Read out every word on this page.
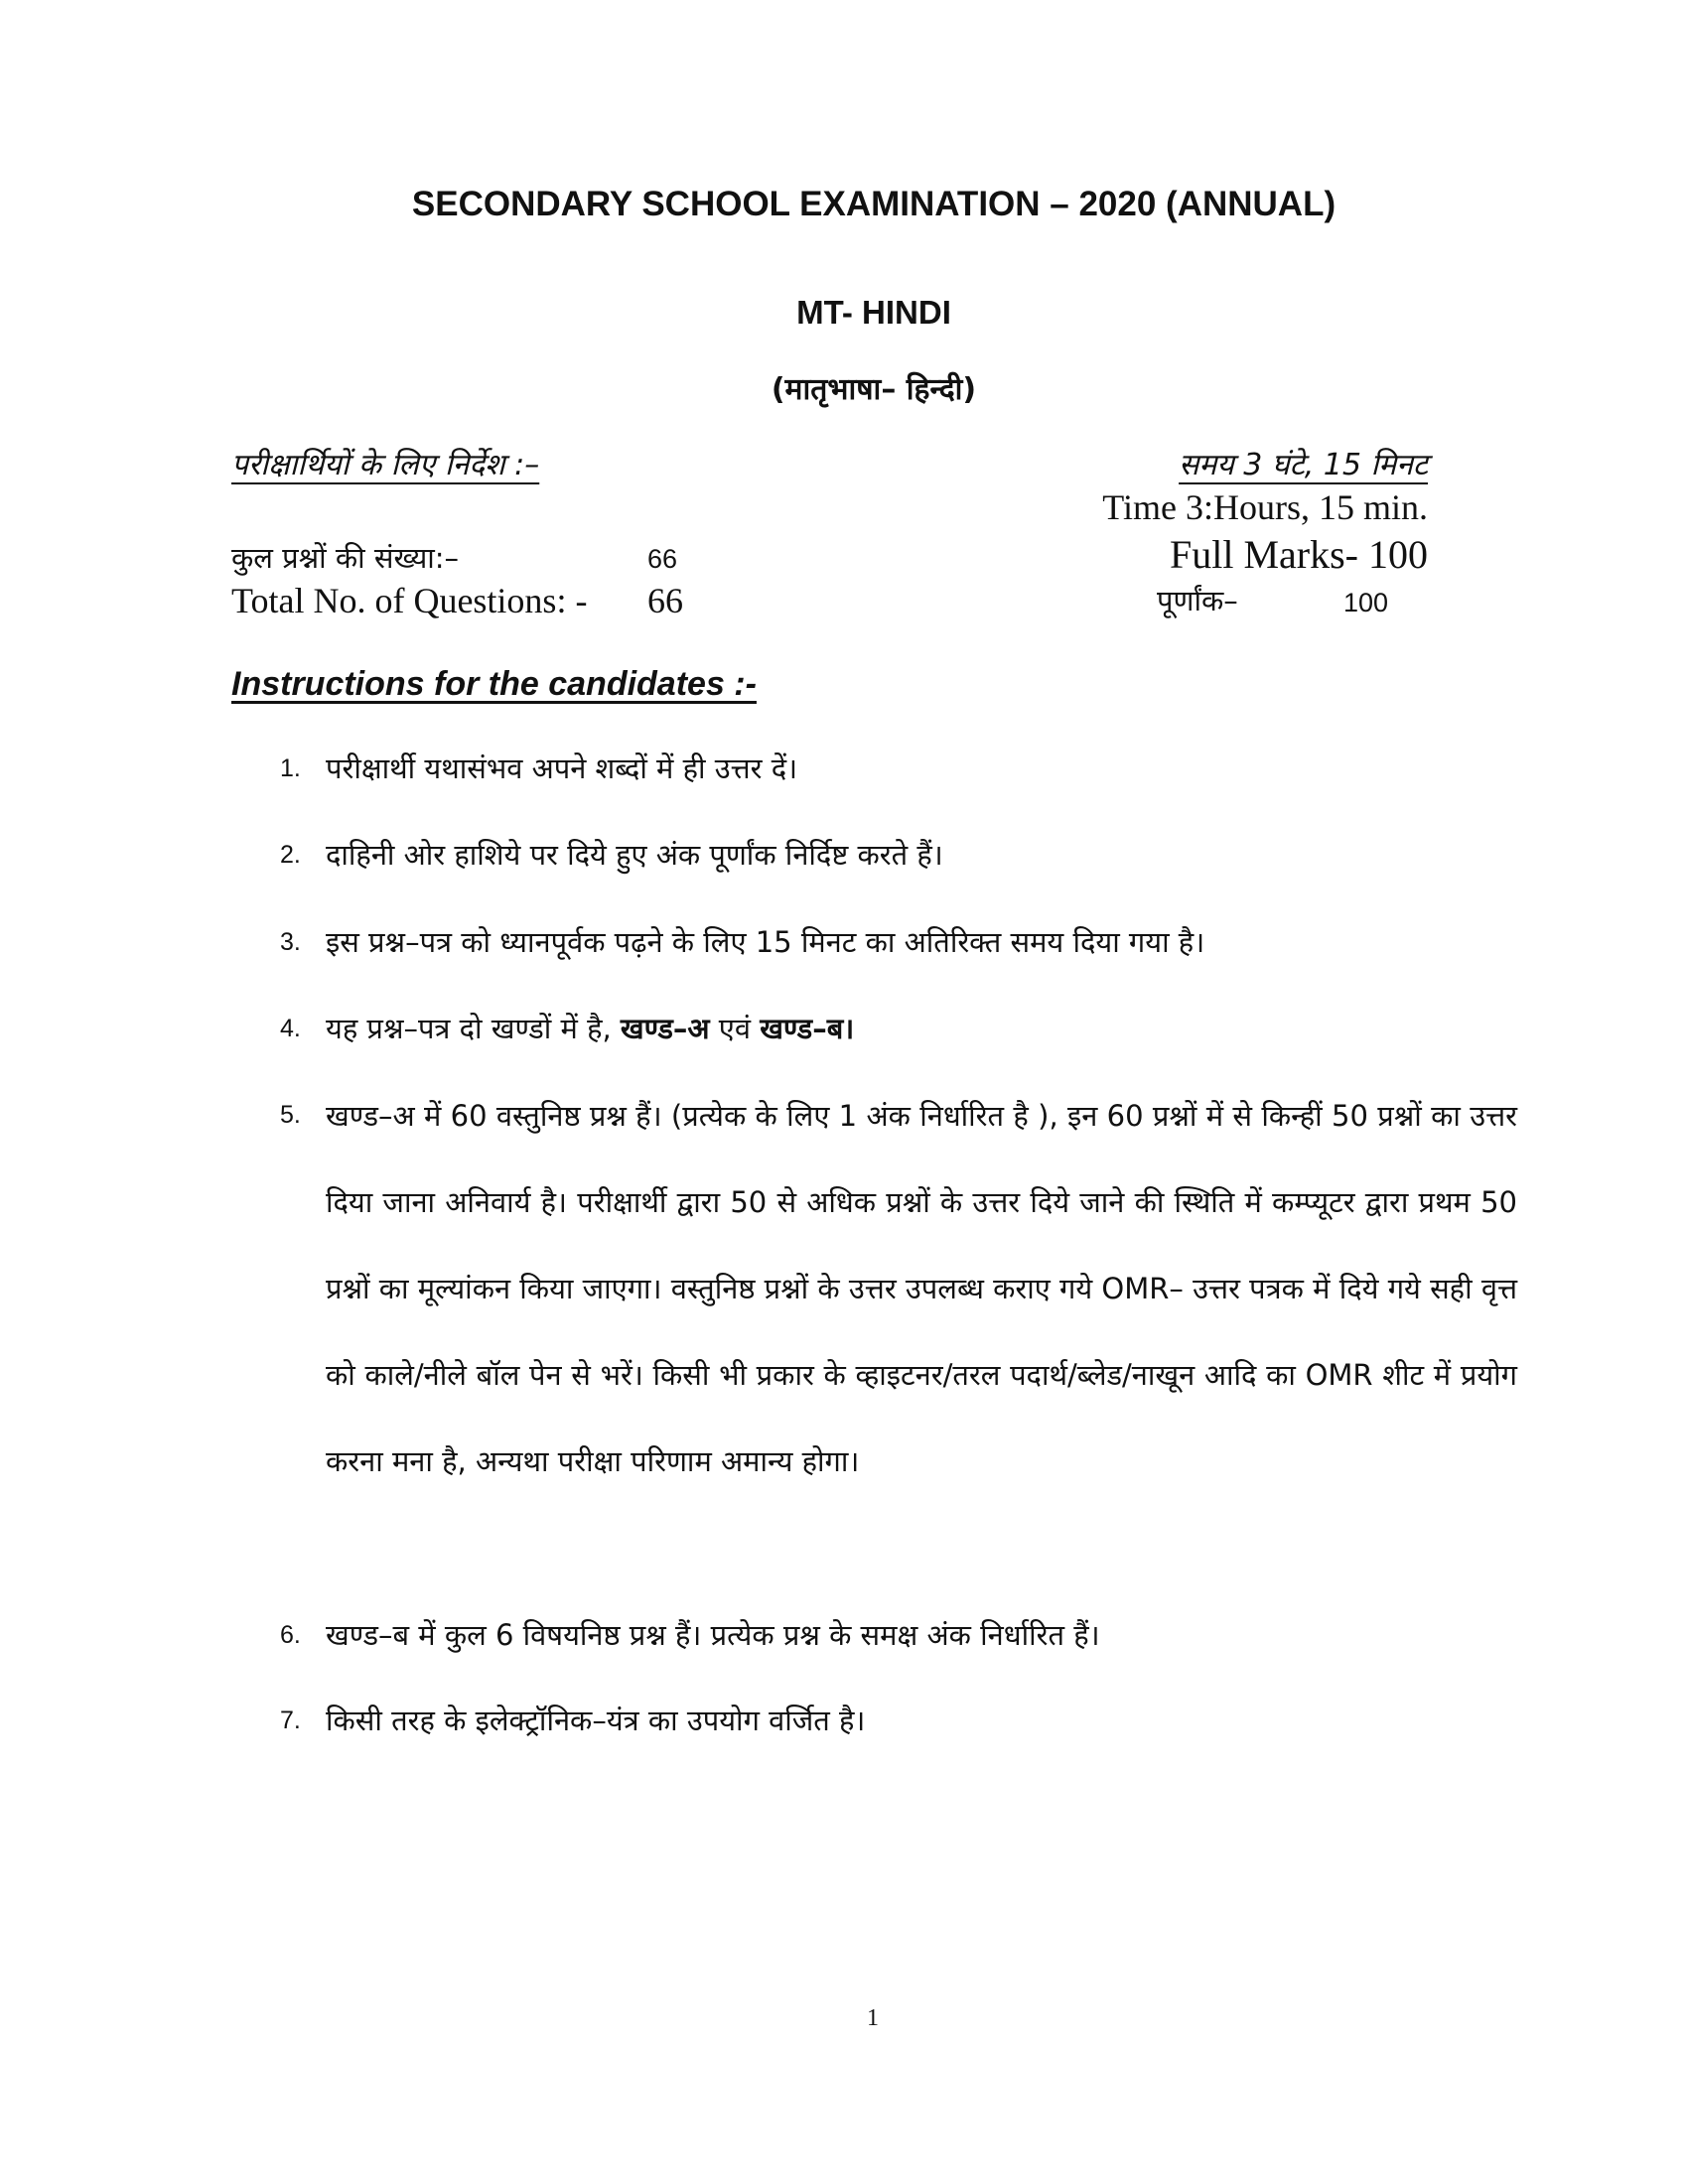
SECONDARY SCHOOL EXAMINATION – 2020 (ANNUAL)
MT- HINDI
(मातृभाषा– हिन्दी)
परीक्षार्थियों के लिए निर्देश :–	समय 3 घंटे, 15 मिनट
Time 3:Hours, 15 min.
कुल प्रश्नों की संख्या:–	66	Full Marks- 100
Total No. of Questions: - 66	पूर्णांक–	100
Instructions for the candidates :-
1. परीक्षार्थी यथासंभव अपने शब्दों में ही उत्तर दें।
2. दाहिनी ओर हाशिये पर दिये हुए अंक पूर्णांक निर्दिष्ट करते हैं।
3. इस प्रश्न–पत्र को ध्यानपूर्वक पढ़ने के लिए 15 मिनट का अतिरिक्त समय दिया गया है।
4. यह प्रश्न–पत्र दो खण्डों में है, खण्ड–अ एवं खण्ड–ब।
5. खण्ड–अ में 60 वस्तुनिष्ठ प्रश्न हैं। (प्रत्येक के लिए 1 अंक निर्धारित है ), इन 60 प्रश्नों में से किन्हीं 50 प्रश्नों का उत्तर दिया जाना अनिवार्य है। परीक्षार्थी द्वारा 50 से अधिक प्रश्नों के उत्तर दिये जाने की स्थिति में कम्प्यूटर द्वारा प्रथम 50 प्रश्नों का मूल्यांकन किया जाएगा। वस्तुनिष्ठ प्रश्नों के उत्तर उपलब्ध कराए गये OMR– उत्तर पत्रक में दिये गये सही वृत्त को काले/नीले बॉल पेन से भरें। किसी भी प्रकार के व्हाइटनर/तरल पदार्थ/ब्लेड/नाखून आदि का OMR शीट में प्रयोग करना मना है, अन्यथा परीक्षा परिणाम अमान्य होगा।
6. खण्ड–ब में कुल 6 विषयनिष्ठ प्रश्न हैं। प्रत्येक प्रश्न के समक्ष अंक निर्धारित हैं।
7. किसी तरह के इलेक्ट्रॉनिक–यंत्र का उपयोग वर्जित है।
1
